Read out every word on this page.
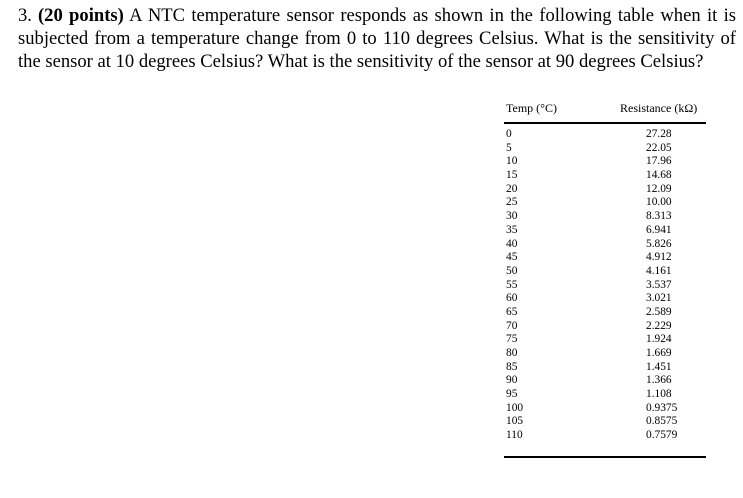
3. (20 points) A NTC temperature sensor responds as shown in the following table when it is subjected from a temperature change from 0 to 110 degrees Celsius. What is the sensitivity of the sensor at 10 degrees Celsius? What is the sensitivity of the sensor at 90 degrees Celsius?
Temp (°C)	Resistance (kΩ)
0	27.28
5	22.05
10	17.96
15	14.68
20	12.09
25	10.00
30	8.313
35	6.941
40	5.826
45	4.912
50	4.161
55	3.537
60	3.021
65	2.589
70	2.229
75	1.924
80	1.669
85	1.451
90	1.366
95	1.108
100	0.9375
105	0.8575
110	0.7579
